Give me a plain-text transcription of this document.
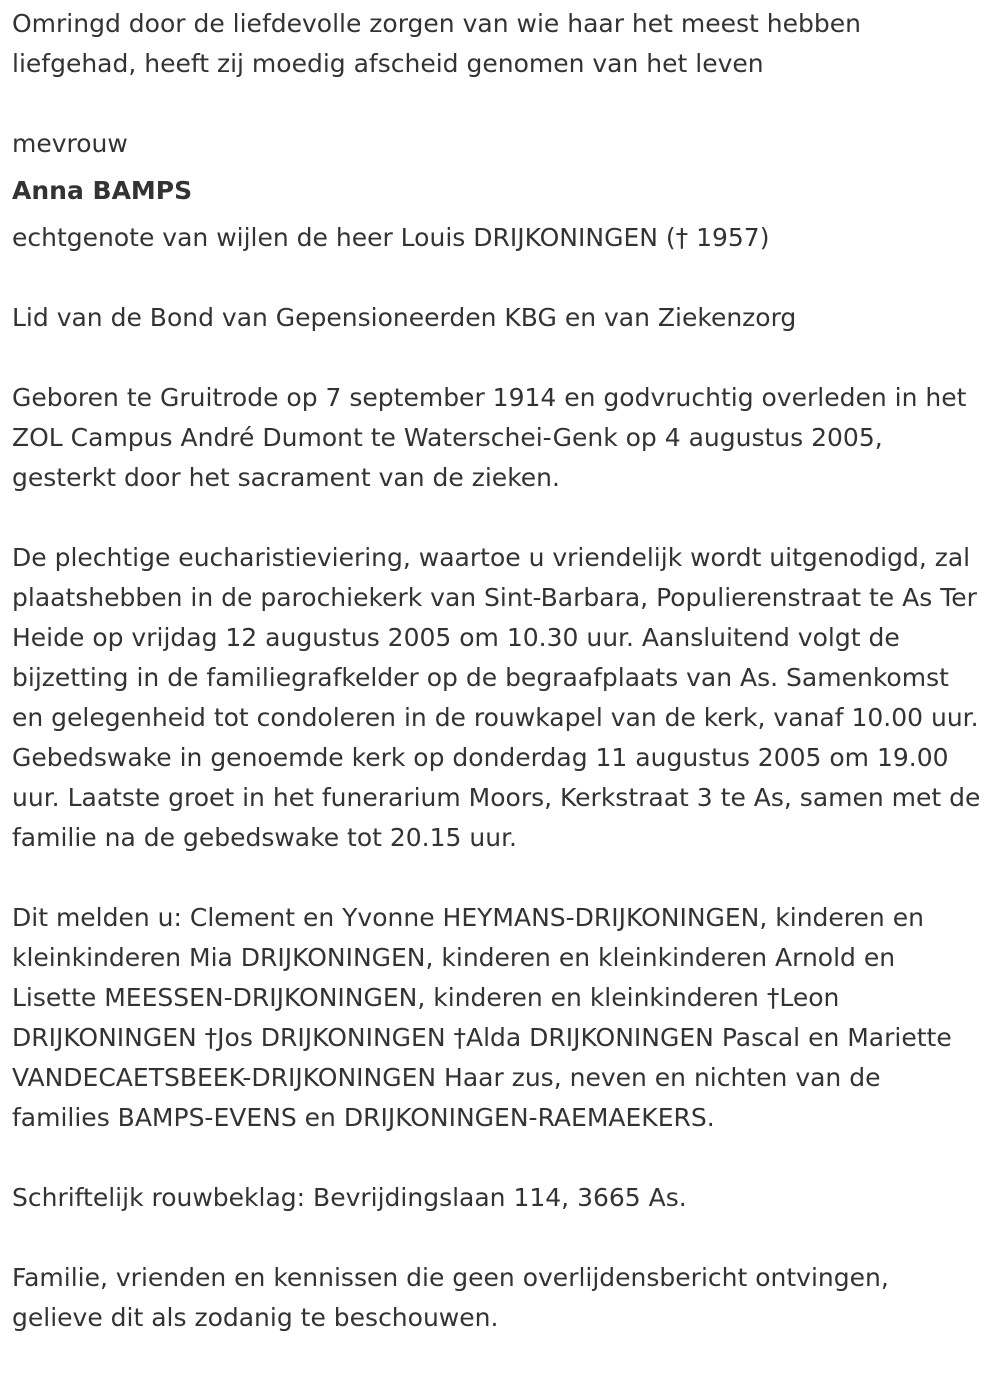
Omringd door de liefdevolle zorgen van wie haar het meest hebben liefgehad, heeft zij moedig afscheid genomen van het leven

mevrouw

Anna BAMPS

echtgenote van wijlen de heer Louis DRIJKONINGEN († 1957)

Lid van de Bond van Gepensioneerden KBG en van Ziekenzorg

Geboren te Gruitrode op 7 september 1914 en godvruchtig overleden in het ZOL Campus André Dumont te Waterschei-Genk op 4 augustus 2005, gesterkt door het sacrament van de zieken.

De plechtige eucharistieviering, waartoe u vriendelijk wordt uitgenodigd, zal plaatshebben in de parochiekerk van Sint-Barbara, Populierenstraat te As Ter Heide op vrijdag 12 augustus 2005 om 10.30 uur. Aansluitend volgt de bijzetting in de familiegrafkelder op de begraafplaats van As. Samenkomst en gelegenheid tot condoleren in de rouwkapel van de kerk, vanaf 10.00 uur. Gebedswake in genoemde kerk op donderdag 11 augustus 2005 om 19.00 uur. Laatste groet in het funerarium Moors, Kerkstraat 3 te As, samen met de familie na de gebedswake tot 20.15 uur.

Dit melden u: Clement en Yvonne HEYMANS-DRIJKONINGEN, kinderen en kleinkinderen Mia DRIJKONINGEN, kinderen en kleinkinderen Arnold en Lisette MEESSEN-DRIJKONINGEN, kinderen en kleinkinderen †Leon DRIJKONINGEN †Jos DRIJKONINGEN †Alda DRIJKONINGEN Pascal en Mariette VANDECAETSBEEK-DRIJKONINGEN Haar zus, neven en nichten van de families BAMPS-EVENS en DRIJKONINGEN-RAEMAEKERS.

Schriftelijk rouwbeklag: Bevrijdingslaan 114, 3665 As.

Familie, vrienden en kennissen die geen overlijdensbericht ontvingen, gelieve dit als zodanig te beschouwen.
